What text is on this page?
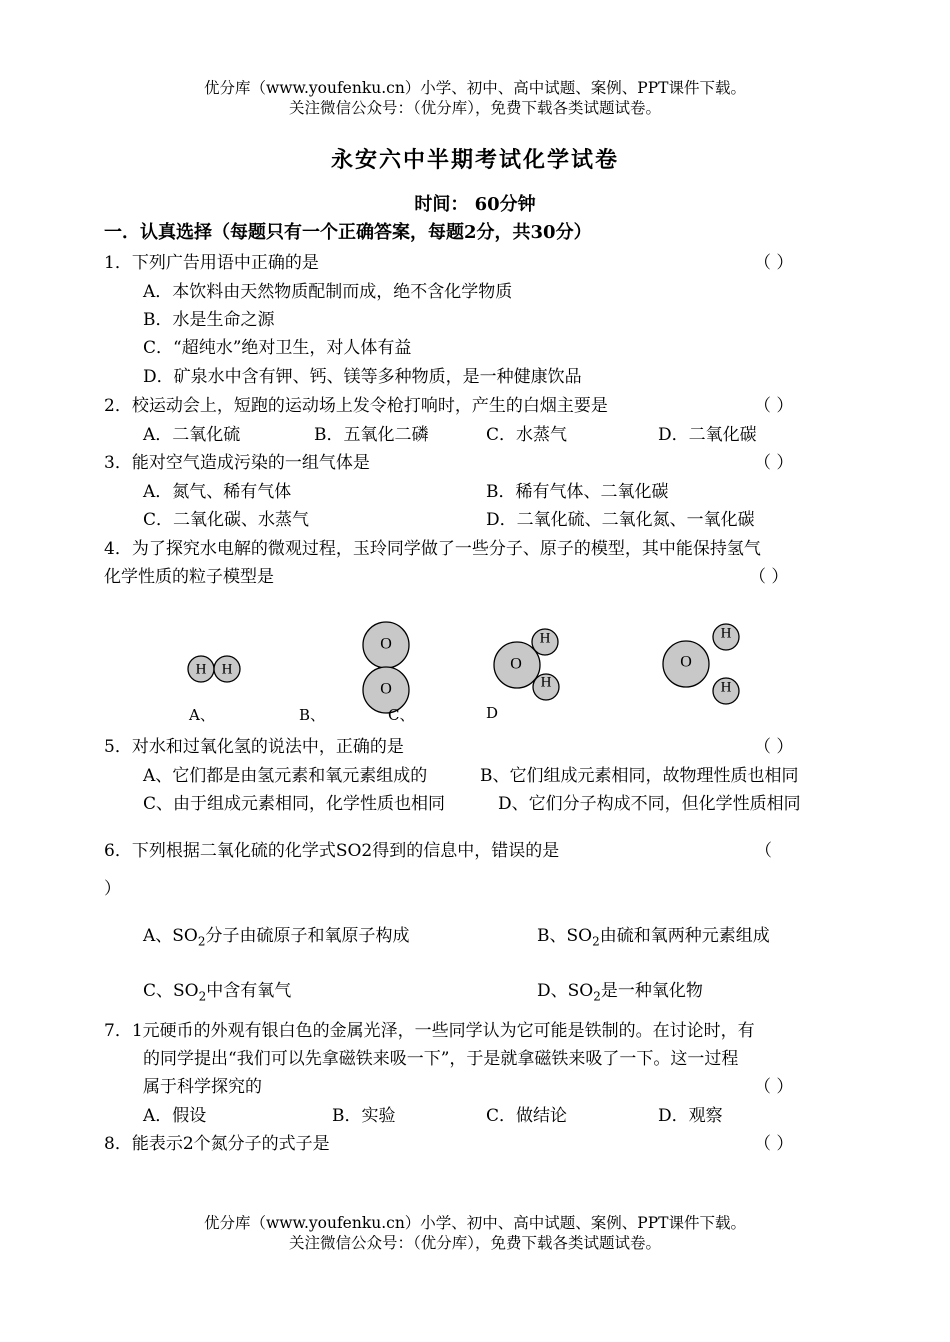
优分库（www.youfenku.cn）小学、初中、高中试题、案例、PPT课件下载。
关注微信公众号：（优分库），免费下载各类试题试卷。
永安六中半期考试化学试卷
时间： 60分钟
一．认真选择（每题只有一个正确答案，每题2分，共30分）
1．下列广告用语中正确的是	（ ）
A．本饮料由天然物质配制而成，绝不含化学物质
B．水是生命之源
C．“超纯水”绝对卫生，对人体有益
D．矿泉水中含有钾、钙、镁等多种物质，是一种健康饮品
2．校运动会上，短跑的运动场上发令枪打响时，产生的白烟主要是	（ ）
A．二氧化硫	B．五氧化二磷	C．水蒸气	D．二氧化碳
3．能对空气造成污染的一组气体是	（ ）
A．氮气、稀有气体	B．稀有气体、二氧化碳
C．二氧化碳、水蒸气	D．二氧化硫、二氧化氮、一氧化碳
4．为了探究水电解的微观过程，玉玲同学做了一些分子、原子的模型，其中能保持氢气
化学性质的粒子模型是	（ ）
H H
O
O
O
H
H
O
H
H
A、	B、	C、	D
5．对水和过氧化氢的说法中，正确的是	（ ）
A、它们都是由氢元素和氧元素组成的	B、它们组成元素相同，故物理性质也相同
C、由于组成元素相同，化学性质也相同	D、它们分子构成不同，但化学性质相同
6．下列根据二氧化硫的化学式SO2得到的信息中，错误的是	（
）
A、$SO_2$分子由硫原子和氧原子构成	B、$SO_2$由硫和氧两种元素组成
C、$SO_2$中含有氧气	D、$SO_2$是一种氧化物
7．1元硬币的外观有银白色的金属光泽，一些同学认为它可能是铁制的。在讨论时，有
的同学提出“我们可以先拿磁铁来吸一下”，于是就拿磁铁来吸了一下。这一过程
属于科学探究的	（ ）
A．假设	B．实验	C．做结论	D．观察
8．能表示2个氮分子的式子是	（ ）
优分库（www.youfenku.cn）小学、初中、高中试题、案例、PPT课件下载。
关注微信公众号：（优分库），免费下载各类试题试卷。
